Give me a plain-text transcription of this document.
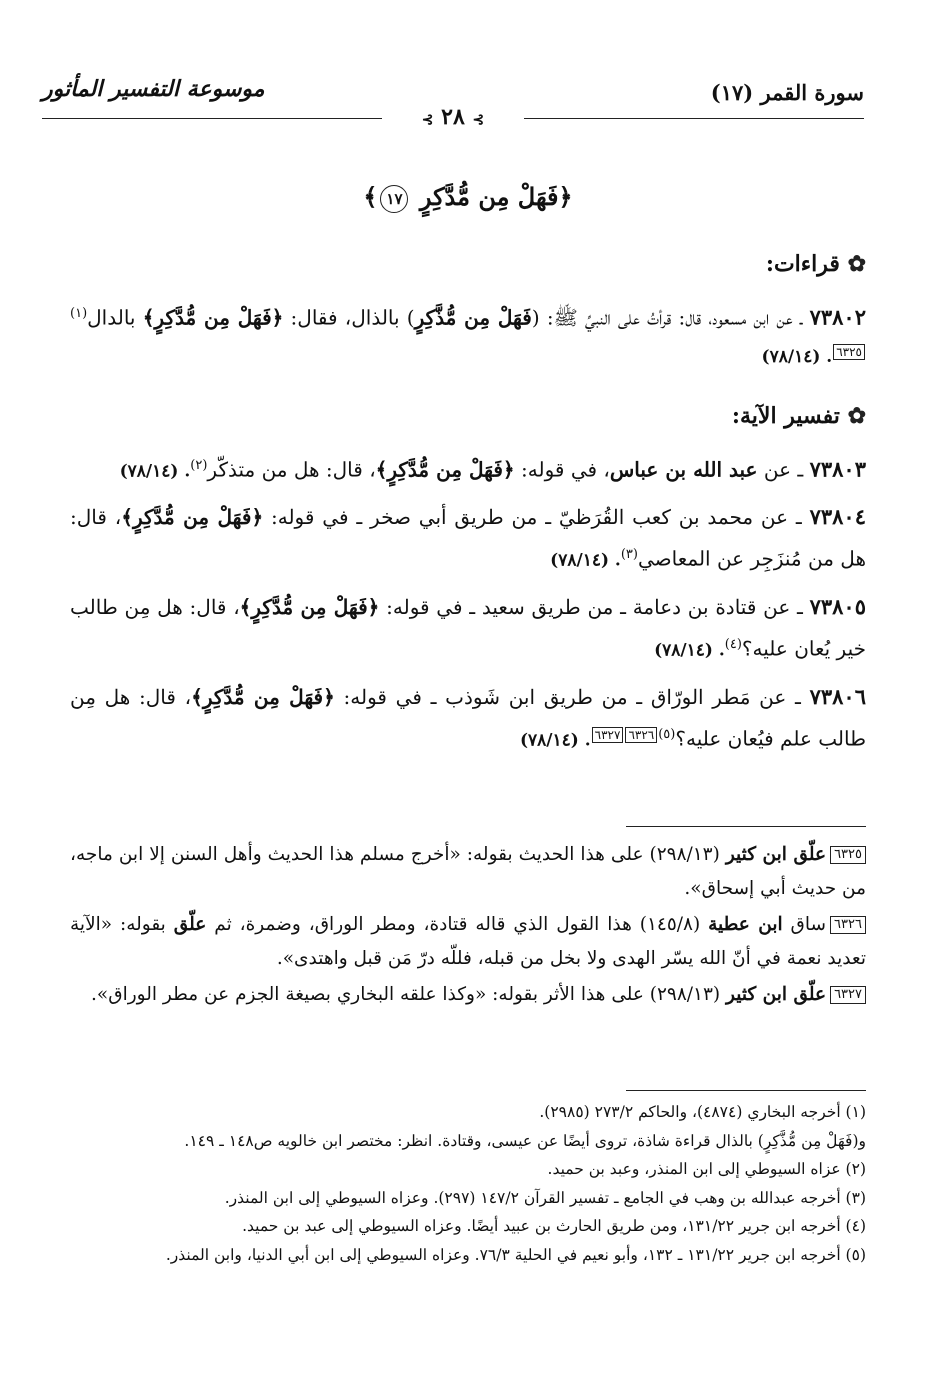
سورة القمر (١٧)
موسوعة التفسير المأثور
⊱ ٢٨ ⊱
﴿فَهَلْ مِن مُّدَّكِرٍ ١٧﴾
✿ قراءات:

٧٣٨٠٢ ـ عن ابن مسعود، قال: قرأتُ على النبيِّ ﷺ: (فَهَلْ مِن مُّذَّكِرٍ) بالذال، فقال: ﴿فَهَلْ مِن مُّدَّكِرٍ﴾ بالدال$^{(١)}$٦٣٢٥. (٧٨/١٤)

✿ تفسير الآية:

٧٣٨٠٣ ـ عن عبد الله بن عباس، في قوله: ﴿فَهَلْ مِن مُّدَّكِرٍ﴾، قال: هل من متذكّر$^{(٢)}$. (٧٨/١٤)

٧٣٨٠٤ ـ عن محمد بن كعب القُرَظيّ ـ من طريق أبي صخر ـ في قوله: ﴿فَهَلْ مِن مُّدَّكِرٍ﴾، قال: هل من مُنزَجِر عن المعاصي$^{(٣)}$. (٧٨/١٤)

٧٣٨٠٥ ـ عن قتادة بن دعامة ـ من طريق سعيد ـ في قوله: ﴿فَهَلْ مِن مُّدَّكِرٍ﴾، قال: هل مِن طالب خير يُعان عليه؟$^{(٤)}$. (٧٨/١٤)

٧٣٨٠٦ ـ عن مَطر الورّاق ـ من طريق ابن شَوذب ـ في قوله: ﴿فَهَلْ مِن مُّدَّكِرٍ﴾، قال: هل مِن طالب علم فيُعان عليه؟$^{(٥)}$٦٣٢٦٦٣٢٧. (٧٨/١٤)

٦٣٢٥علّق ابن كثير (٢٩٨/١٣) على هذا الحديث بقوله: «أخرج مسلم هذا الحديث وأهل السنن إلا ابن ماجه، من حديث أبي إسحاق».

٦٣٢٦ساق ابن عطية (١٤٥/٨) هذا القول الذي قاله قتادة، ومطر الوراق، وضمرة، ثم علّق بقوله: «الآية تعديد نعمة في أنّ الله يسّر الهدى ولا بخل من قبله، فللّه درّ مَن قبل واهتدى».

٦٣٢٧علّق ابن كثير (٢٩٨/١٣) على هذا الأثر بقوله: «وكذا علقه البخاري بصيغة الجزم عن مطر الوراق».

(١) أخرجه البخاري (٤٨٧٤)، والحاكم ٢٧٣/٢ (٢٩٨٥).

و(فَهَلْ مِن مُّذَّكِرٍ) بالذال قراءة شاذة، تروى أيضًا عن عيسى، وقتادة. انظر: مختصر ابن خالويه ص١٤٨ ـ ١٤٩.

(٢) عزاه السيوطي إلى ابن المنذر، وعبد بن حميد.

(٣) أخرجه عبدالله بن وهب في الجامع ـ تفسير القرآن ١٤٧/٢ (٢٩٧). وعزاه السيوطي إلى ابن المنذر.

(٤) أخرجه ابن جرير ١٣١/٢٢، ومن طريق الحارث بن عبيد أيضًا. وعزاه السيوطي إلى عبد بن حميد.

(٥) أخرجه ابن جرير ١٣١/٢٢ ـ ١٣٢، وأبو نعيم في الحلية ٧٦/٣. وعزاه السيوطي إلى ابن أبي الدنيا، وابن المنذر.
